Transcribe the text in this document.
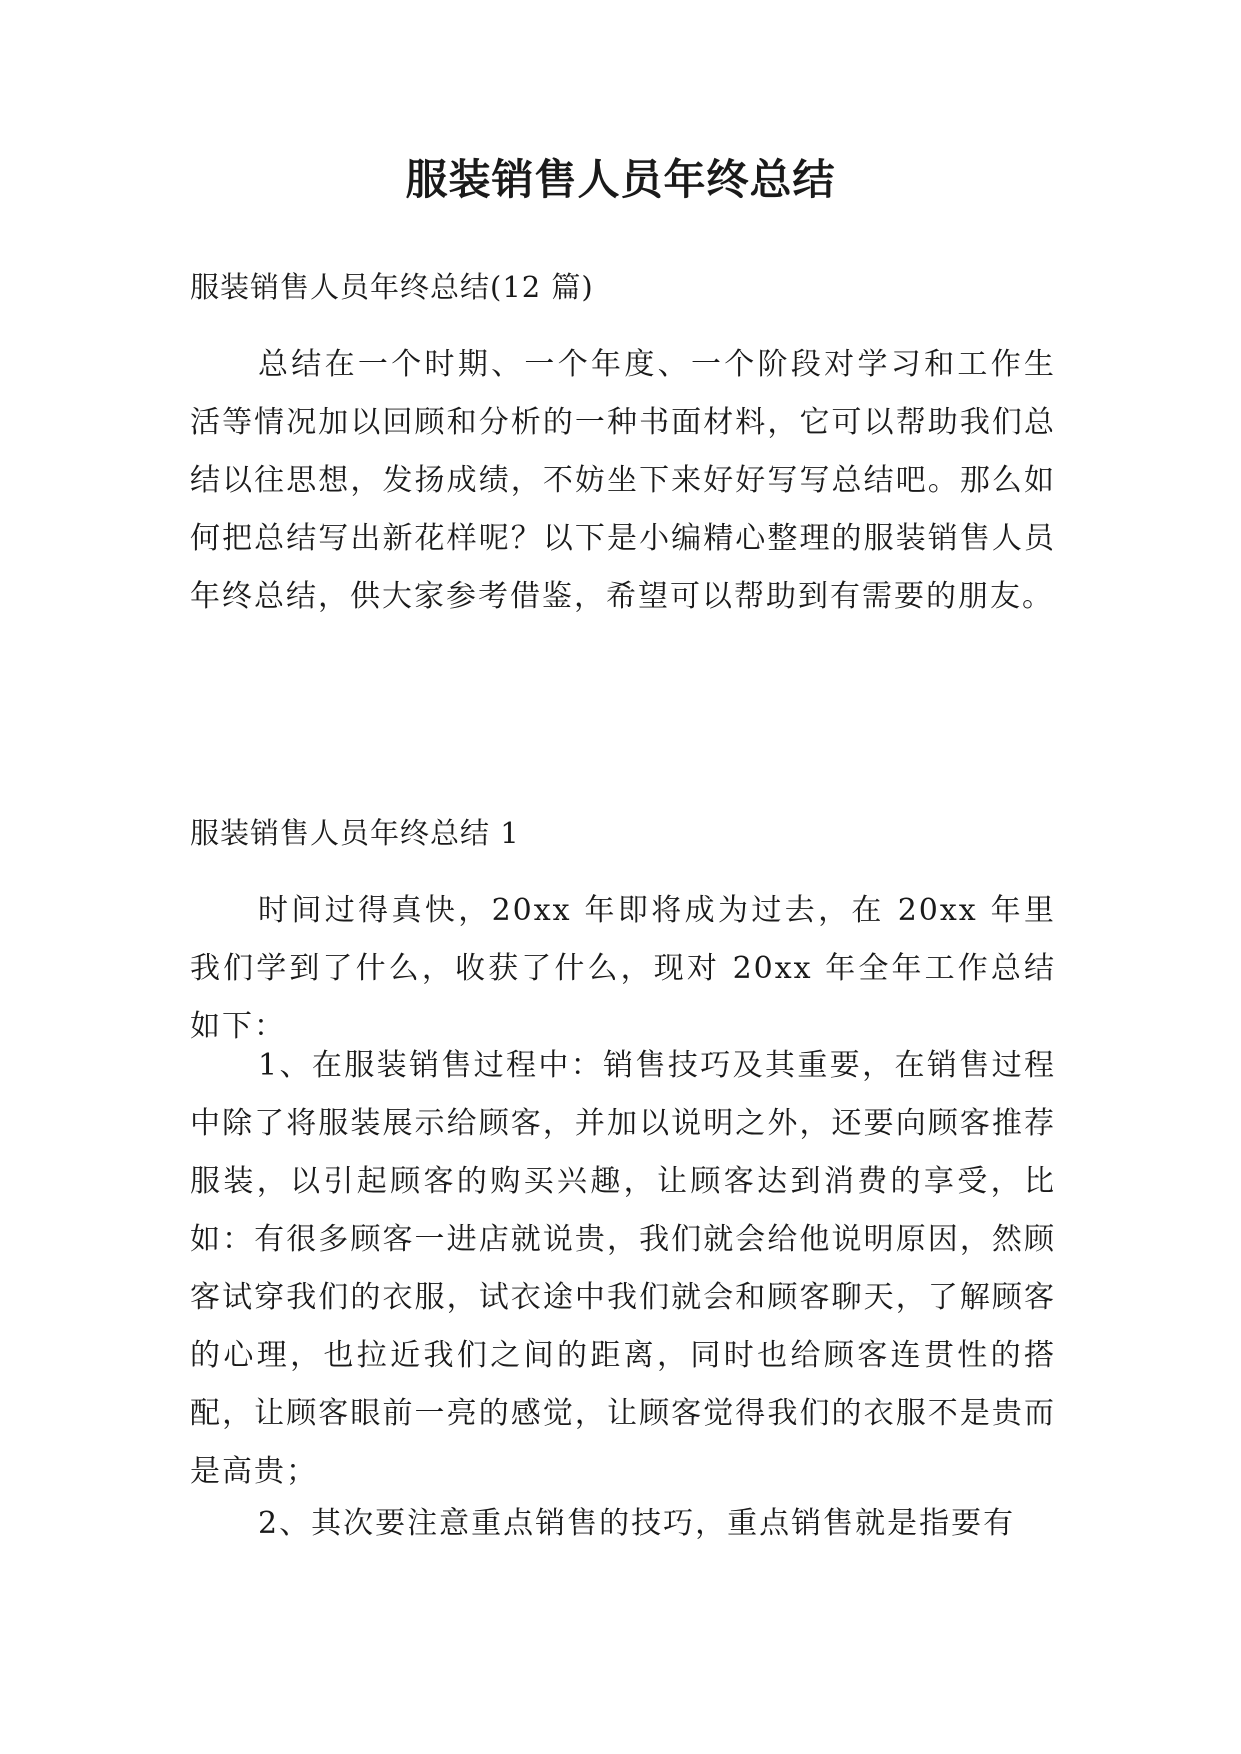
服装销售人员年终总结

服装销售人员年终总结(12 篇)

总结在一个时期、一个年度、一个阶段对学习和工作生活等情况加以回顾和分析的一种书面材料，它可以帮助我们总结以往思想，发扬成绩，不妨坐下来好好写写总结吧。那么如何把总结写出新花样呢？以下是小编精心整理的服装销售人员年终总结，供大家参考借鉴，希望可以帮助到有需要的朋友。

服装销售人员年终总结 1

时间过得真快，20xx 年即将成为过去，在 20xx 年里我们学到了什么，收获了什么，现对 20xx 年全年工作总结如下：

1、在服装销售过程中：销售技巧及其重要，在销售过程中除了将服装展示给顾客，并加以说明之外，还要向顾客推荐服装，以引起顾客的购买兴趣，让顾客达到消费的享受，比如：有很多顾客一进店就说贵，我们就会给他说明原因，然顾客试穿我们的衣服，试衣途中我们就会和顾客聊天，了解顾客的心理，也拉近我们之间的距离，同时也给顾客连贯性的搭配，让顾客眼前一亮的感觉，让顾客觉得我们的衣服不是贵而是高贵；

2、其次要注意重点销售的技巧，重点销售就是指要有
